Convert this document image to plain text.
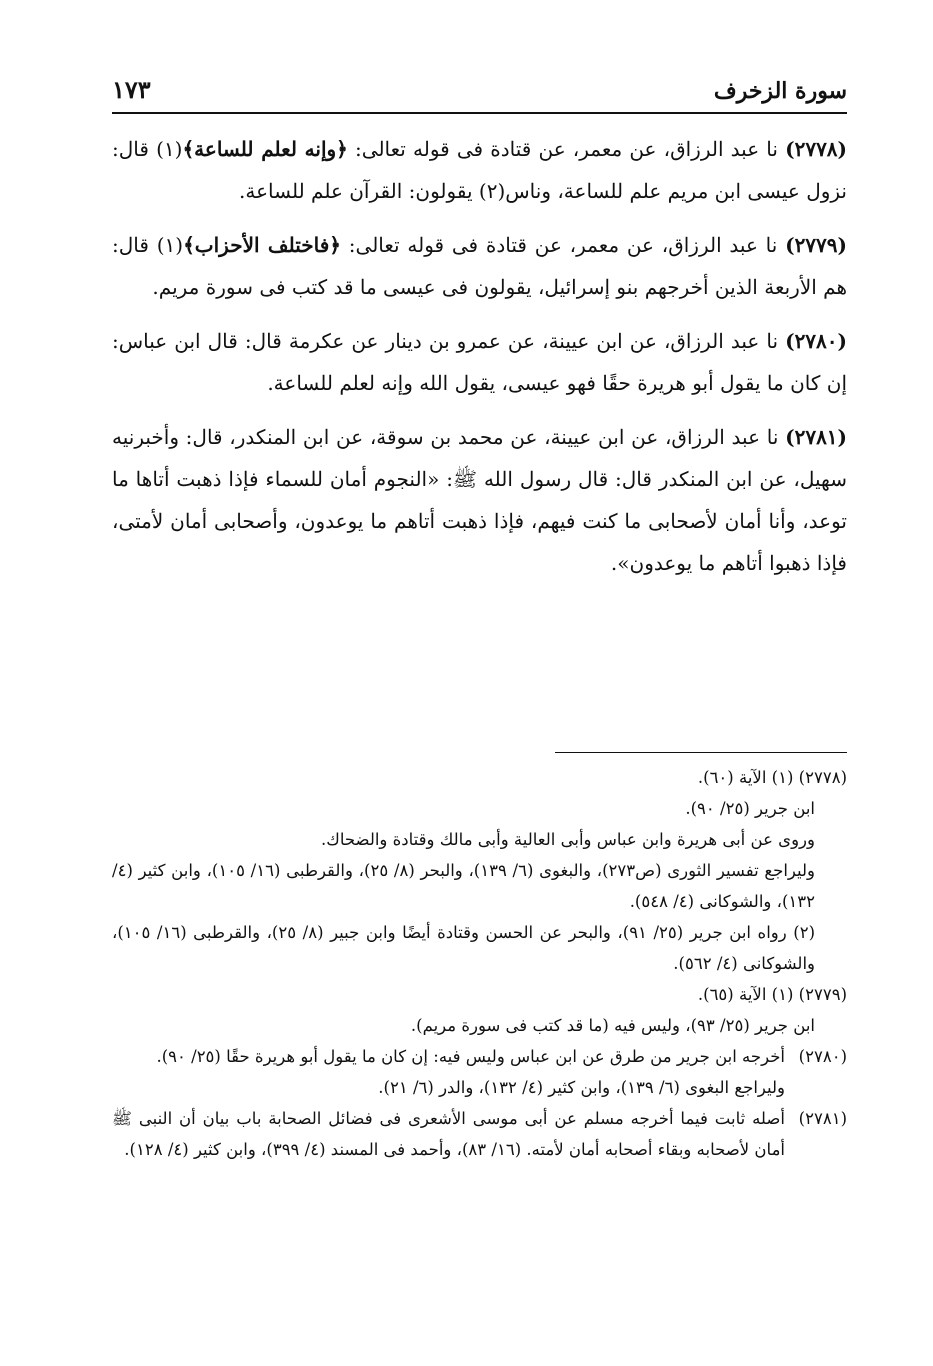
سورة الزخرف
١٧٣

(٢٧٧٨) نا عبد الرزاق، عن معمر، عن قتادة فى قوله تعالى: ﴿وإنه لعلم للساعة﴾(١) قال: نزول عيسى ابن مريم علم للساعة، وناس(٢) يقولون: القرآن علم للساعة.

(٢٧٧٩) نا عبد الرزاق، عن معمر، عن قتادة فى قوله تعالى: ﴿فاختلف الأحزاب﴾(١) قال: هم الأربعة الذين أخرجهم بنو إسرائيل، يقولون فى عيسى ما قد كتب فى سورة مريم.

(٢٧٨٠) نا عبد الرزاق، عن ابن عيينة، عن عمرو بن دينار عن عكرمة قال: قال ابن عباس: إن كان ما يقول أبو هريرة حقًا فهو عيسى، يقول الله وإنه لعلم للساعة.

(٢٧٨١) نا عبد الرزاق، عن ابن عيينة، عن محمد بن سوقة، عن ابن المنكدر، قال: وأخبرنيه سهيل، عن ابن المنكدر قال: قال رسول الله ﷺ: «النجوم أمان للسماء فإذا ذهبت أتاها ما توعد، وأنا أمان لأصحابى ما كنت فيهم، فإذا ذهبت أتاهم ما يوعدون، وأصحابى أمان لأمتى، فإذا ذهبوا أتاهم ما يوعدون».

(٢٧٧٨) (١) الآية (٦٠).

ابن جرير (٢٥/ ٩٠).

وروى عن أبى هريرة وابن عباس وأبى العالية وأبى مالك وقتادة والضحاك.

وليراجع تفسير الثورى (ص٢٧٣)، والبغوى (٦/ ١٣٩)، والبحر (٨/ ٢٥)، والقرطبى (١٦/ ١٠٥)، وابن كثير (٤/ ١٣٢)، والشوكانى (٤/ ٥٤٨).

(٢) رواه ابن جرير (٢٥/ ٩١)، والبحر عن الحسن وقتادة أيضًا وابن جبير (٨/ ٢٥)، والقرطبى (١٦/ ١٠٥)، والشوكانى (٤/ ٥٦٢).

(٢٧٧٩) (١) الآية (٦٥).

ابن جرير (٢٥/ ٩٣)، وليس فيه (ما قد كتب فى سورة مريم).

(٢٧٨٠)

أخرجه ابن جرير من طرق عن ابن عباس وليس فيه: إن كان ما يقول أبو هريرة حقًا (٢٥/ ٩٠).

وليراجع البغوى (٦/ ١٣٩)، وابن كثير (٤/ ١٣٢)، والدر (٦/ ٢١).

(٢٧٨١)

أصله ثابت فيما أخرجه مسلم عن أبى موسى الأشعرى فى فضائل الصحابة باب بيان أن النبى ﷺ أمان لأصحابه وبقاء أصحابه أمان لأمته. (١٦/ ٨٣)، وأحمد فى المسند (٤/ ٣٩٩)، وابن كثير (٤/ ١٢٨).
